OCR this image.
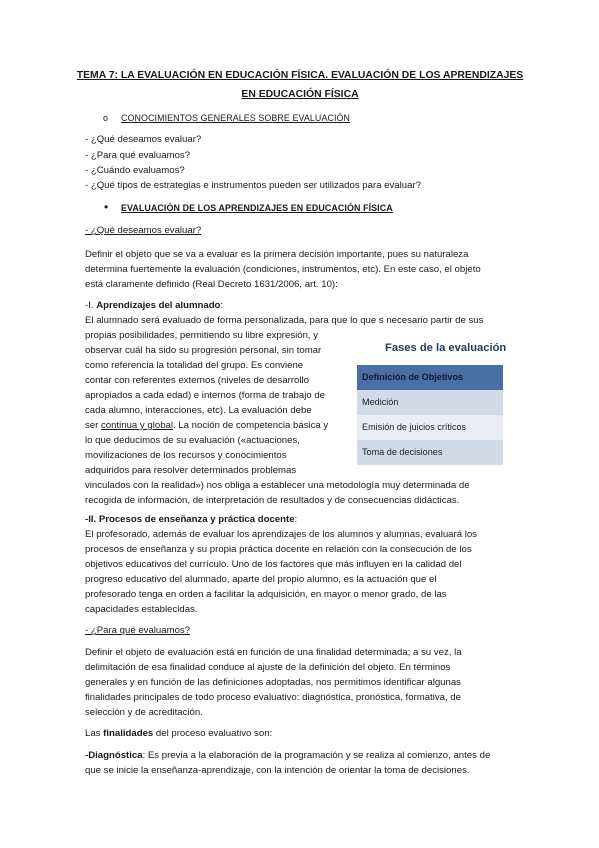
TEMA 7: LA EVALUACIÓN EN EDUCACIÓN FÍSICA. EVALUACIÓN DE LOS APRENDIZAJES
EN EDUCACIÓN FÍSICA
o CONOCIMIENTOS GENERALES SOBRE EVALUACIÓN
- ¿Qué deseamos evaluar?
- ¿Para qué evaluamos?
- ¿Cuándo evaluamos?
- ¿Qué tipos de estrategias e instrumentos pueden ser utilizados para evaluar?
• EVALUACIÓN DE LOS APRENDIZAJES EN EDUCACIÓN FÍSICA
- ¿Qué deseamos evaluar?
Definir el objeto que se va a evaluar es la primera decisión importante, pues su naturaleza
determina fuertemente la evaluación (condiciones, instrumentos, etc). En este caso, el objeto
está claramente definido (Real Decreto 1631/2006, art. 10):
-I. Aprendizajes del alumnado:
El alumnado será evaluado de forma personalizada, para que lo que s necesario partir de sus
propias posibilidades, permitiendo su libre expresión, y
observar cuál ha sido su progresión personal, sin tomar
como referencia la totalidad del grupo. Es conviene
contar con referentes externos (niveles de desarrollo
apropiados a cada edad) e internos (forma de trabajo de
cada alumno, interacciones, etc). La evaluación debe
ser continua y global. La noción de competencia básica y
lo que deducimos de su evaluación («actuaciones,
movilizaciones de los recursos y conocimientos
adquiridos para resolver determinados problemas
vinculados con la realidad») nos obliga a establecer una metodología muy determinada de
recogida de información, de interpretación de resultados y de consecuencias didácticas.
Fases de la evaluación
Definición de Objetivos
Medición
Emisión de juicios críticos
Toma de decisiones
-II. Procesos de enseñanza y práctica docente:
El profesorado, además de evaluar los aprendizajes de los alumnos y alumnas, evaluará los
procesos de enseñanza y su propia práctica docente en relación con la consecución de los
objetivos educativos del currículo. Uno de los factores que más influyen en la calidad del
progreso educativo del alumnado, aparte del propio alumno, es la actuación que el
profesorado tenga en orden a facilitar la adquisición, en mayor o menor grado, de las
capacidades establecidas.
- ¿Para qué evaluamos?
Definir el objeto de evaluación está en función de una finalidad determinada; a su vez, la
delimitación de esa finalidad conduce al ajuste de la definición del objeto. En términos
generales y en función de las definiciones adoptadas, nos permitimos identificar algunas
finalidades principales de todo proceso evaluativo: diagnóstica, pronóstica, formativa, de
selección y de acreditación.
Las finalidades del proceso evaluativo son:
-Diagnóstica: Es previa a la elaboración de la programación y se realiza al comienzo, antes de
que se inicie la enseñanza-aprendizaje, con la intención de orientar la toma de decisiones.
